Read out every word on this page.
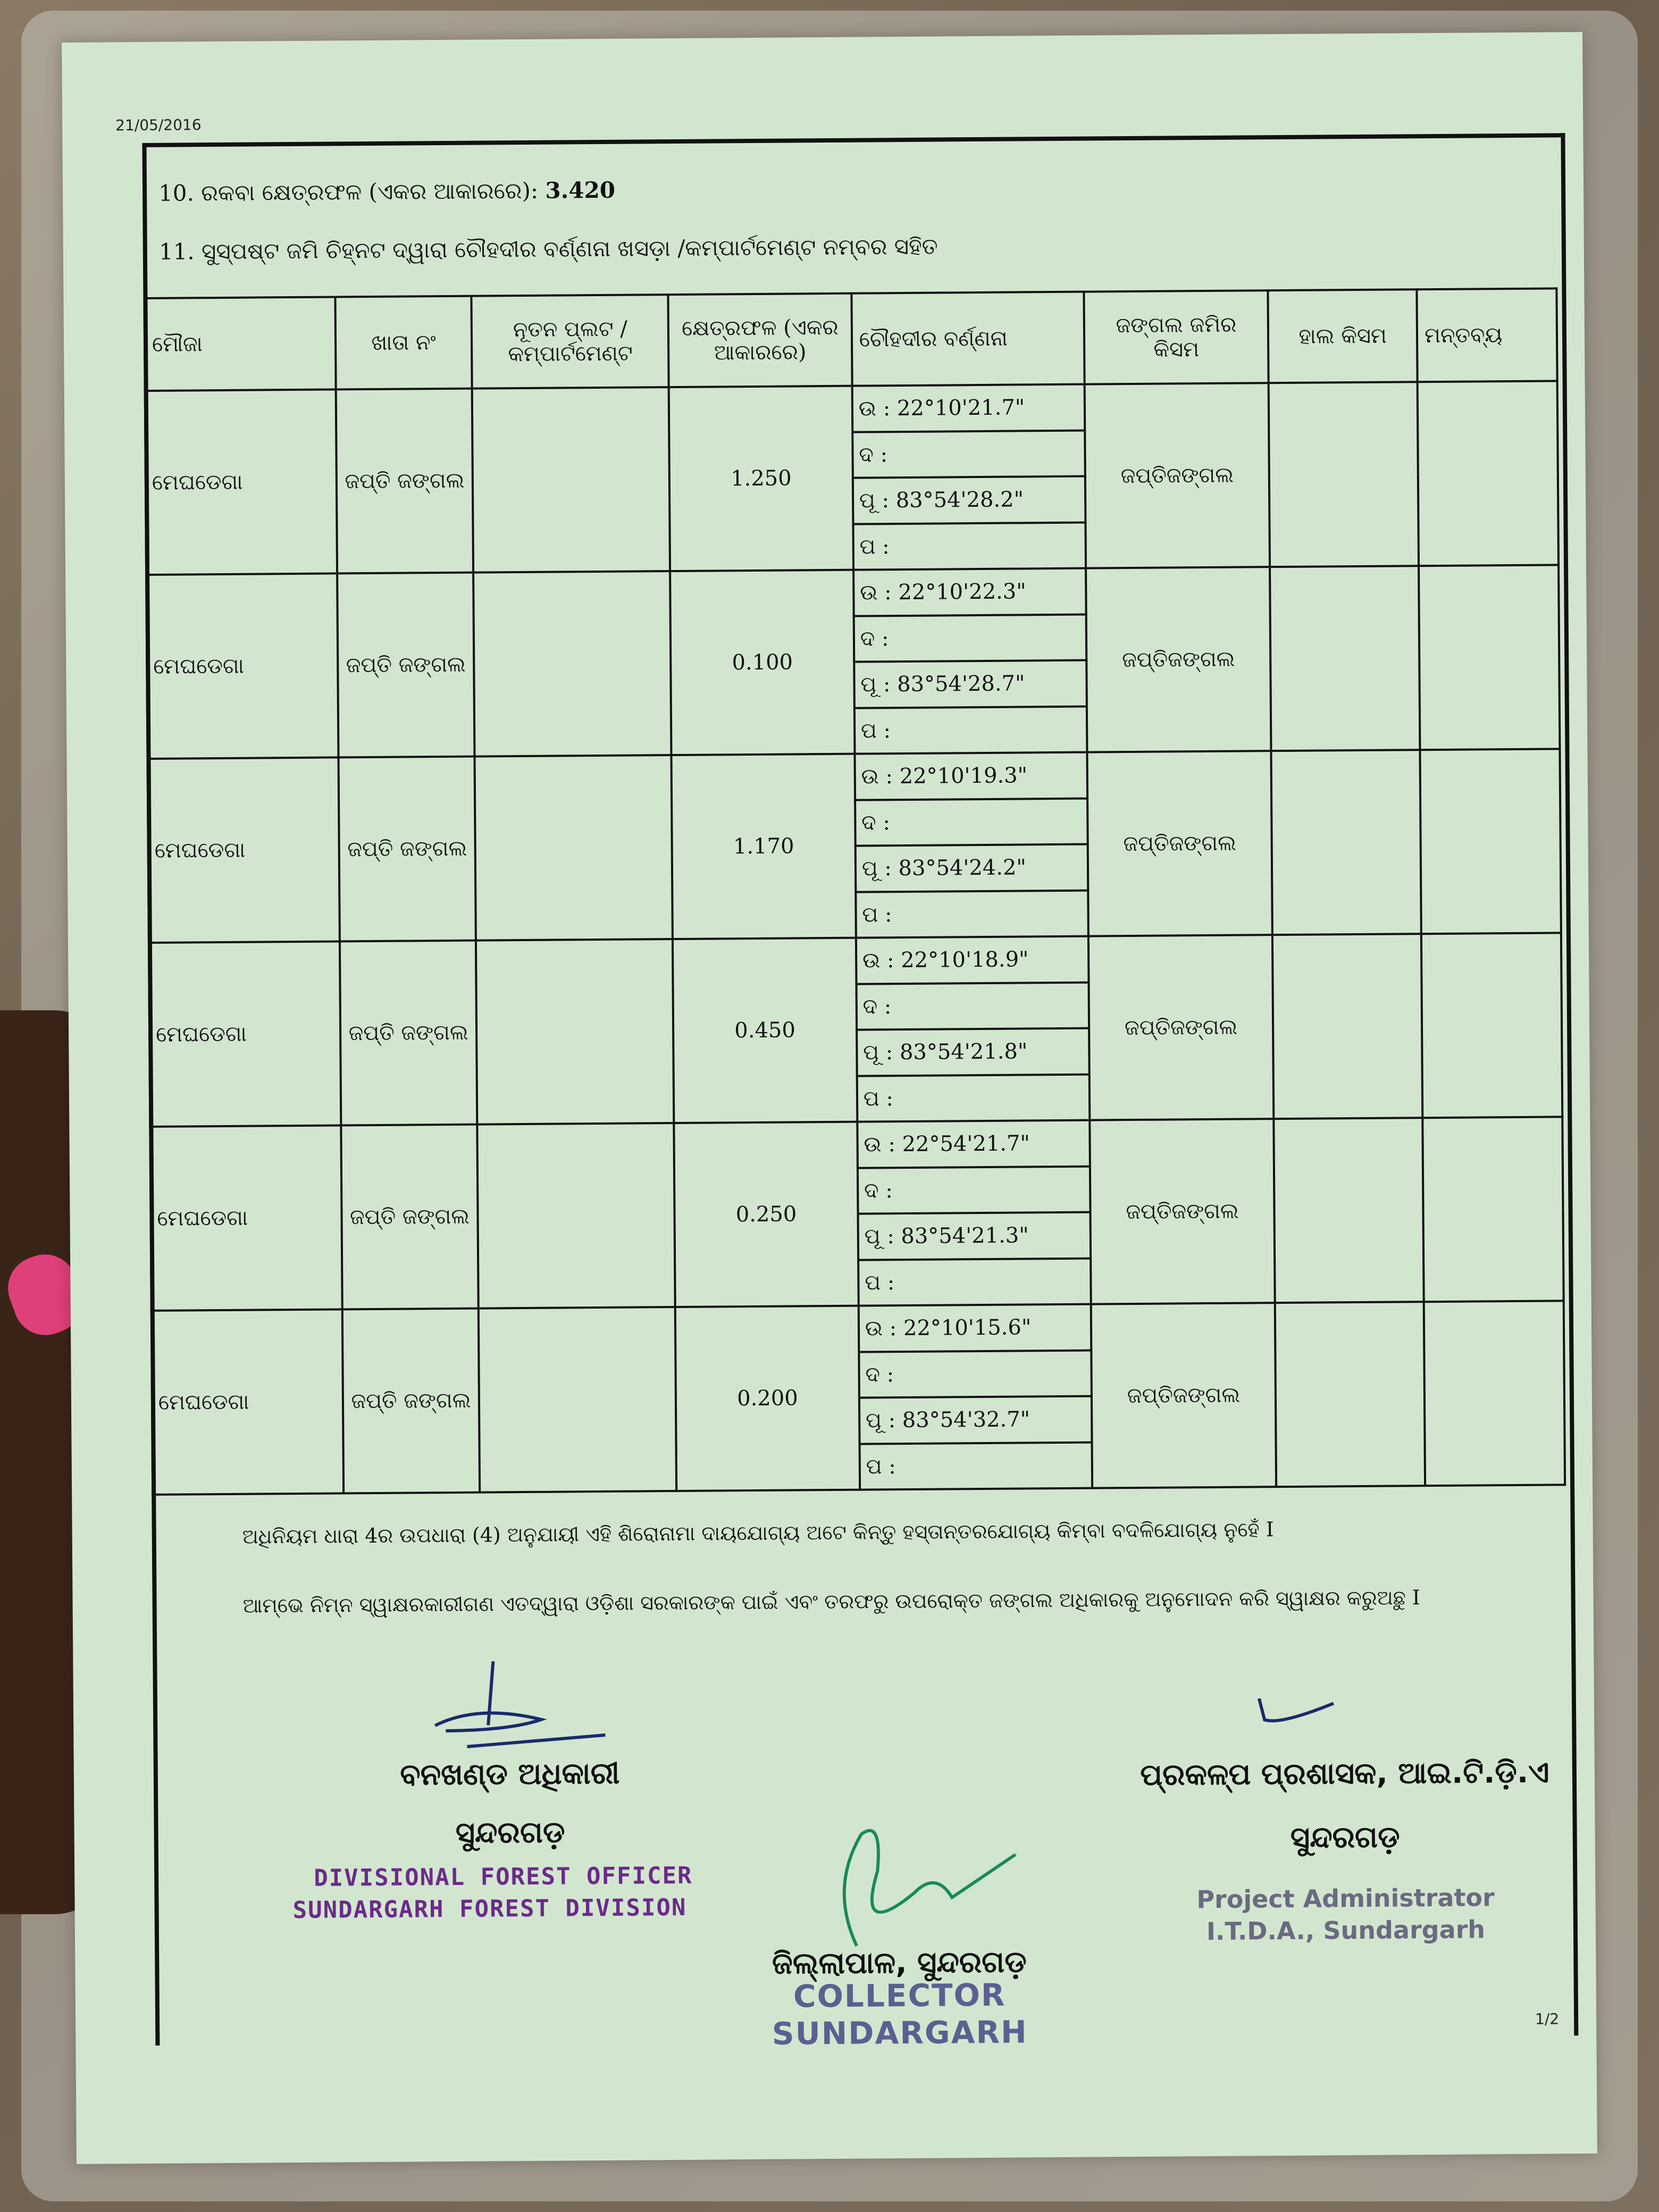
21/05/2016
10. ରକବା କ୍ଷେତ୍ରଫଳ (ଏକର ଆକାରରେ): 3.420
11. ସୁସ୍ପଷ୍ଟ ଜମି ଚିହ୍ନଟ ଦ୍ୱାରା ଚୌହଦୀର ବର୍ଣ୍ଣନା ଖସଡ଼ା /କମ୍ପାର୍ଟମେଣ୍ଟ ନମ୍ବର ସହିତ
ମୌଜା	ଖାତା ନଂ	ନୂତନ ପ୍ଲଟ / କମ୍ପାର୍ଟମେଣ୍ଟ	କ୍ଷେତ୍ରଫଳ (ଏକର ଆକାରରେ)	ଚୌହଦୀର ବର୍ଣ୍ଣନା	ଜଙ୍ଗଲ ଜମିର କିସମ	ହାଲ କିସମ	ମନ୍ତବ୍ୟ
ମେଘଡେଗା	ଜପ୍ତି ଜଙ୍ଗଲ		1.250	ଉ : 22°10'21.7"	ଜପ୍ତିଜଙ୍ଗଲ		
				ଦ :			
				ପୂ : 83°54'28.2"			
				ପ :			
ମେଘଡେଗା	ଜପ୍ତି ଜଙ୍ଗଲ		0.100	ଉ : 22°10'22.3"	ଜପ୍ତିଜଙ୍ଗଲ		
				ଦ :			
				ପୂ : 83°54'28.7"			
				ପ :			
ମେଘଡେଗା	ଜପ୍ତି ଜଙ୍ଗଲ		1.170	ଉ : 22°10'19.3"	ଜପ୍ତିଜଙ୍ଗଲ		
				ଦ :			
				ପୂ : 83°54'24.2"			
				ପ :			
ମେଘଡେଗା	ଜପ୍ତି ଜଙ୍ଗଲ		0.450	ଉ : 22°10'18.9"	ଜପ୍ତିଜଙ୍ଗଲ		
				ଦ :			
				ପୂ : 83°54'21.8"			
				ପ :			
ମେଘଡେଗା	ଜପ୍ତି ଜଙ୍ଗଲ		0.250	ଉ : 22°54'21.7"	ଜପ୍ତିଜଙ୍ଗଲ		
				ଦ :			
				ପୂ : 83°54'21.3"			
				ପ :			
ମେଘଡେଗା	ଜପ୍ତି ଜଙ୍ଗଲ		0.200	ଉ : 22°10'15.6"	ଜପ୍ତିଜଙ୍ଗଲ		
				ଦ :			
				ପୂ : 83°54'32.7"			
				ପ :			
ଅଧିନିୟମ ଧାରା 4ର ଉପଧାରା (4) ଅନୁଯାୟୀ ଏହି ଶିରୋନାମା ଦାୟଯୋଗ୍ୟ ଅଟେ କିନ୍ତୁ ହସ୍ତାନ୍ତରଯୋଗ୍ୟ କିମ୍ବା ବଦଳିଯୋଗ୍ୟ ନୁହେଁ I
ଆମ୍ଭେ ନିମ୍ନ ସ୍ୱାକ୍ଷରକାରୀଗଣ ଏତଦ୍ୱାରା ଓଡ଼ିଶା ସରକାରଙ୍କ ପାଇଁ ଏବଂ ତରଫରୁ ଉପରୋକ୍ତ ଜଙ୍ଗଲ ଅଧିକାରକୁ ଅନୁମୋଦନ କରି ସ୍ୱାକ୍ଷର କରୁଅଛୁ I
ବନଖଣ୍ଡ ଅଧିକାରୀ
ସୁନ୍ଦରଗଡ଼
DIVISIONAL FOREST OFFICER
SUNDARGARH FOREST DIVISION
ପ୍ରକଳ୍ପ ପ୍ରଶାସକ, ଆଇ.ଟି.ଡ଼ି.ଏ
ସୁନ୍ଦରଗଡ଼
Project Administrator
I.T.D.A., Sundargarh
ଜିଲ୍ଲାପାଳ, ସୁନ୍ଦରଗଡ଼
COLLECTOR
SUNDARGARH	1/2
